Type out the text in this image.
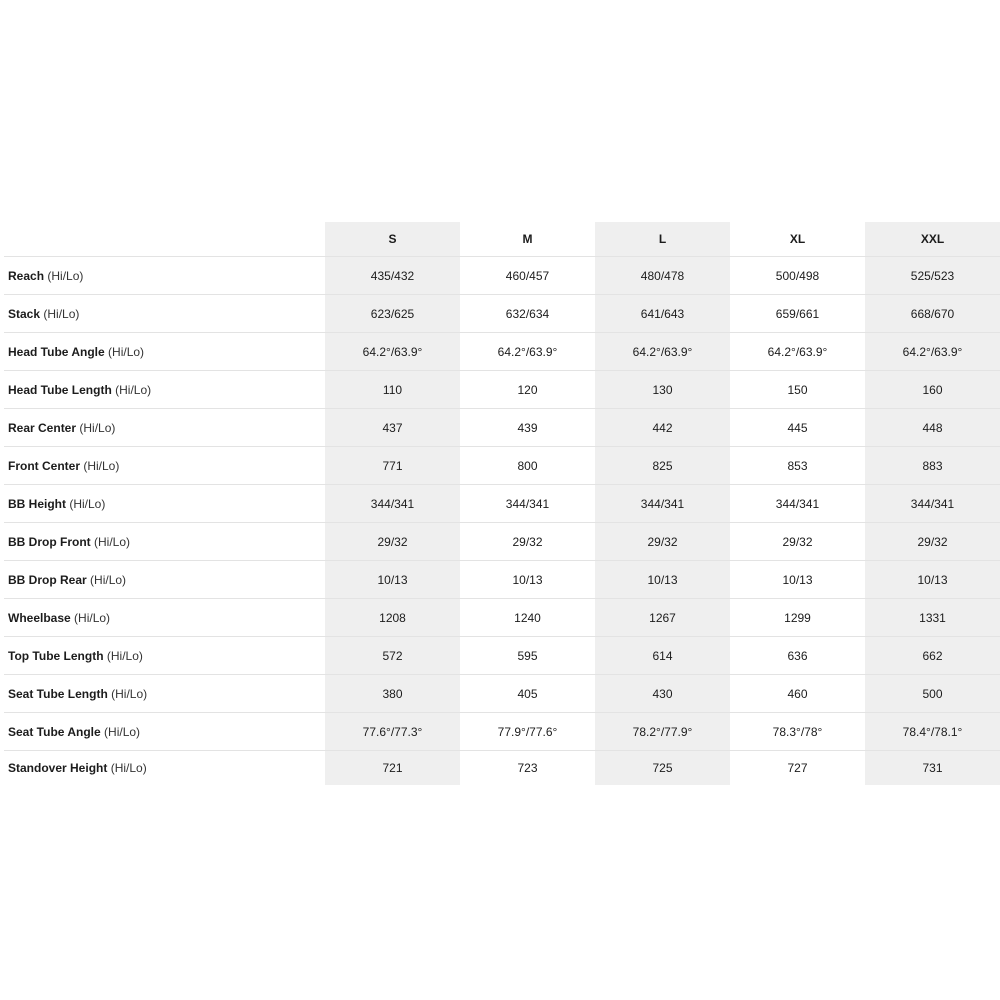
	S	M	L	XL	XXL
Reach (Hi/Lo)	435/432	460/457	480/478	500/498	525/523
Stack (Hi/Lo)	623/625	632/634	641/643	659/661	668/670
Head Tube Angle (Hi/Lo)	64.2°/63.9°	64.2°/63.9°	64.2°/63.9°	64.2°/63.9°	64.2°/63.9°
Head Tube Length (Hi/Lo)	110	120	130	150	160
Rear Center (Hi/Lo)	437	439	442	445	448
Front Center (Hi/Lo)	771	800	825	853	883
BB Height (Hi/Lo)	344/341	344/341	344/341	344/341	344/341
BB Drop Front (Hi/Lo)	29/32	29/32	29/32	29/32	29/32
BB Drop Rear (Hi/Lo)	10/13	10/13	10/13	10/13	10/13
Wheelbase (Hi/Lo)	1208	1240	1267	1299	1331
Top Tube Length (Hi/Lo)	572	595	614	636	662
Seat Tube Length (Hi/Lo)	380	405	430	460	500
Seat Tube Angle (Hi/Lo)	77.6°/77.3°	77.9°/77.6°	78.2°/77.9°	78.3°/78°	78.4°/78.1°
Standover Height (Hi/Lo)	721	723	725	727	731
